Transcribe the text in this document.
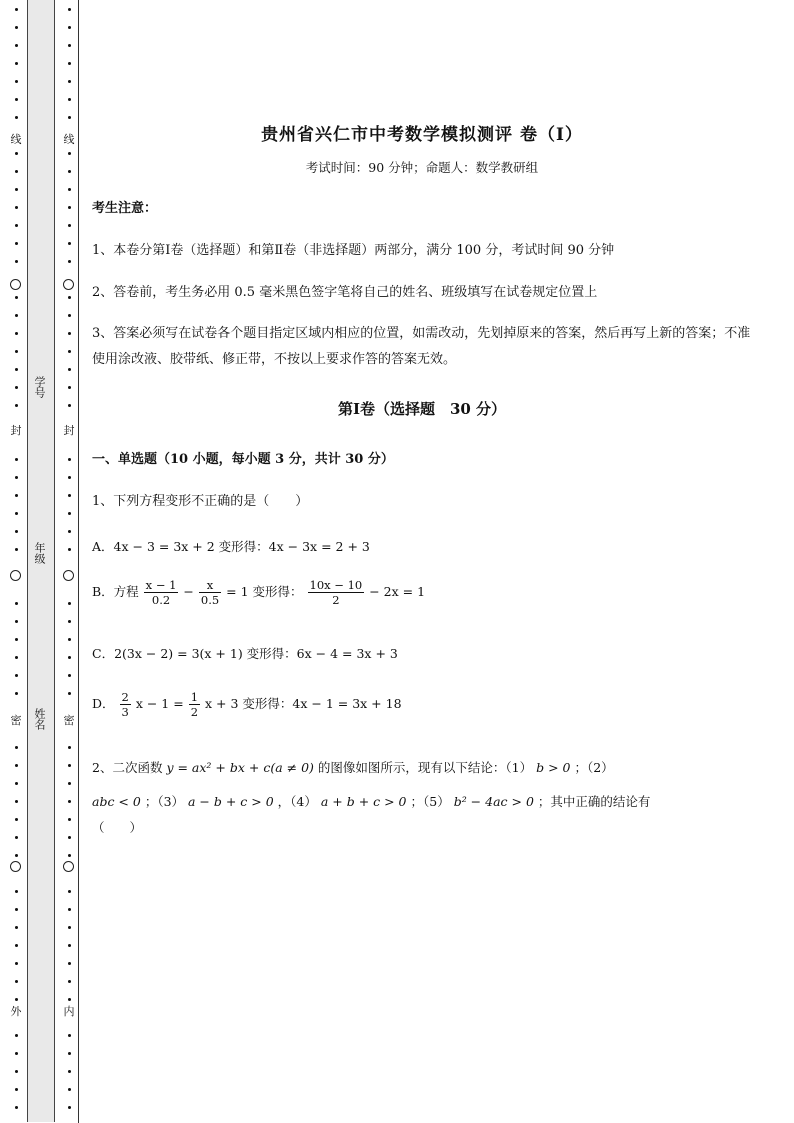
线
封
密
外
线
封
密
内
学号
年级
姓名
贵州省兴仁市中考数学模拟测评 卷（Ⅰ）
考试时间：90 分钟；命题人：数学教研组
考生注意：
1、本卷分第Ⅰ卷（选择题）和第Ⅱ卷（非选择题）两部分，满分 100 分，考试时间 90 分钟
2、答卷前，考生务必用 0.5 毫米黑色签字笔将自己的姓名、班级填写在试卷规定位置上
3、答案必须写在试卷各个题目指定区域内相应的位置，如需改动，先划掉原来的答案，然后再写上新的答案；不准使用涂改液、胶带纸、修正带，不按以上要求作答的答案无效。
第Ⅰ卷（选择题　30 分）
一、单选题（10 小题，每小题 3 分，共计 30 分）
1、下列方程变形不正确的是（　　）
A．4x − 3 = 3x + 2 变形得：4x − 3x = 2 + 3
B．方程 $\frac{x - 1}{0.2} - \frac{x}{0.5} = 1$ 变形得： $\frac{10x - 10}{2} - 2x = 1$
C．2(3x − 2) = 3(x + 1) 变形得：6x − 4 = 3x + 3
D． $\frac{2}{3}$ $x - 1 = \frac{1}{2}$ x + 3 变形得：4x − 1 = 3x + 18
2、二次函数 y = ax² + bx + c(a ≠ 0) 的图像如图所示，现有以下结论：（1） b > 0 ；（2）
abc < 0 ；（3） a − b + c > 0 ，（4） a + b + c > 0 ；（5） b² − 4ac > 0 ；其中正确的结论有
（　　）
